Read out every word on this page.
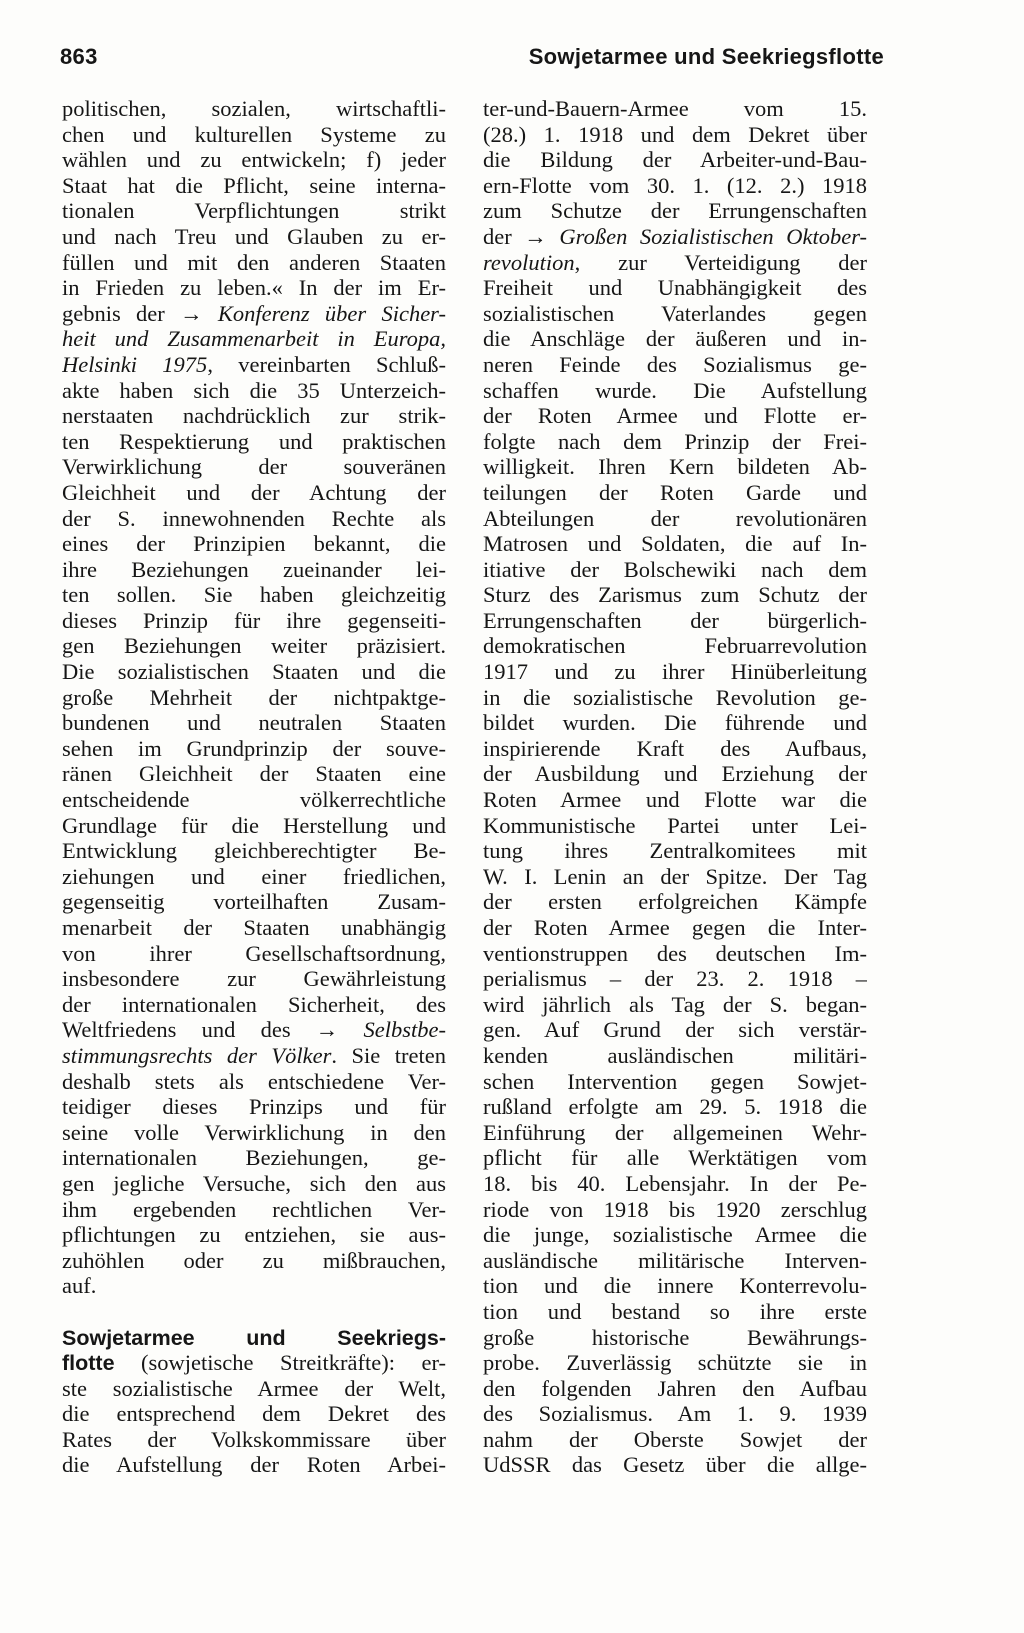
863	Sowjetarmee und Seekriegsflotte
politischen, sozialen, wirtschaftli-
chen und kulturellen Systeme zu
wählen und zu entwickeln; f) jeder
Staat hat die Pflicht, seine interna-
tionalen Verpflichtungen strikt
und nach Treu und Glauben zu er-
füllen und mit den anderen Staaten
in Frieden zu leben.« In der im Er-
gebnis der → Konferenz über Sicher-
heit und Zusammenarbeit in Europa,
Helsinki 1975, vereinbarten Schluß-
akte haben sich die 35 Unterzeich-
nerstaaten nachdrücklich zur strik-
ten Respektierung und praktischen
Verwirklichung der souveränen
Gleichheit und der Achtung der
der S. innewohnenden Rechte als
eines der Prinzipien bekannt, die
ihre Beziehungen zueinander lei-
ten sollen. Sie haben gleichzeitig
dieses Prinzip für ihre gegenseiti-
gen Beziehungen weiter präzisiert.
Die sozialistischen Staaten und die
große Mehrheit der nichtpaktge-
bundenen und neutralen Staaten
sehen im Grundprinzip der souve-
ränen Gleichheit der Staaten eine
entscheidende völkerrechtliche
Grundlage für die Herstellung und
Entwicklung gleichberechtigter Be-
ziehungen und einer friedlichen,
gegenseitig vorteilhaften Zusam-
menarbeit der Staaten unabhängig
von ihrer Gesellschaftsordnung,
insbesondere zur Gewährleistung
der internationalen Sicherheit, des
Weltfriedens und des → Selbstbe-
stimmungsrechts der Völker. Sie treten
deshalb stets als entschiedene Ver-
teidiger dieses Prinzips und für
seine volle Verwirklichung in den
internationalen Beziehungen, ge-
gen jegliche Versuche, sich den aus
ihm ergebenden rechtlichen Ver-
pflichtungen zu entziehen, sie aus-
zuhöhlen oder zu mißbrauchen,
auf.
Sowjetarmee und Seekriegs-
flotte (sowjetische Streitkräfte): er-
ste sozialistische Armee der Welt,
die entsprechend dem Dekret des
Rates der Volkskommissare über
die Aufstellung der Roten Arbei-
ter-und-Bauern-Armee vom 15.
(28.) 1. 1918 und dem Dekret über
die Bildung der Arbeiter-und-Bau-
ern-Flotte vom 30. 1. (12. 2.) 1918
zum Schutze der Errungenschaften
der → Großen Sozialistischen Oktober-
revolution, zur Verteidigung der
Freiheit und Unabhängigkeit des
sozialistischen Vaterlandes gegen
die Anschläge der äußeren und in-
neren Feinde des Sozialismus ge-
schaffen wurde. Die Aufstellung
der Roten Armee und Flotte er-
folgte nach dem Prinzip der Frei-
willigkeit. Ihren Kern bildeten Ab-
teilungen der Roten Garde und
Abteilungen der revolutionären
Matrosen und Soldaten, die auf In-
itiative der Bolschewiki nach dem
Sturz des Zarismus zum Schutz der
Errungenschaften der bürgerlich-
demokratischen Februarrevolution
1917 und zu ihrer Hinüberleitung
in die sozialistische Revolution ge-
bildet wurden. Die führende und
inspirierende Kraft des Aufbaus,
der Ausbildung und Erziehung der
Roten Armee und Flotte war die
Kommunistische Partei unter Lei-
tung ihres Zentralkomitees mit
W. I. Lenin an der Spitze. Der Tag
der ersten erfolgreichen Kämpfe
der Roten Armee gegen die Inter-
ventionstruppen des deutschen Im-
perialismus – der 23. 2. 1918 –
wird jährlich als Tag der S. began-
gen. Auf Grund der sich verstär-
kenden ausländischen militäri-
schen Intervention gegen Sowjet-
rußland erfolgte am 29. 5. 1918 die
Einführung der allgemeinen Wehr-
pflicht für alle Werktätigen vom
18. bis 40. Lebensjahr. In der Pe-
riode von 1918 bis 1920 zerschlug
die junge, sozialistische Armee die
ausländische militärische Interven-
tion und die innere Konterrevolu-
tion und bestand so ihre erste
große historische Bewährungs-
probe. Zuverlässig schützte sie in
den folgenden Jahren den Aufbau
des Sozialismus. Am 1. 9. 1939
nahm der Oberste Sowjet der
UdSSR das Gesetz über die allge-
